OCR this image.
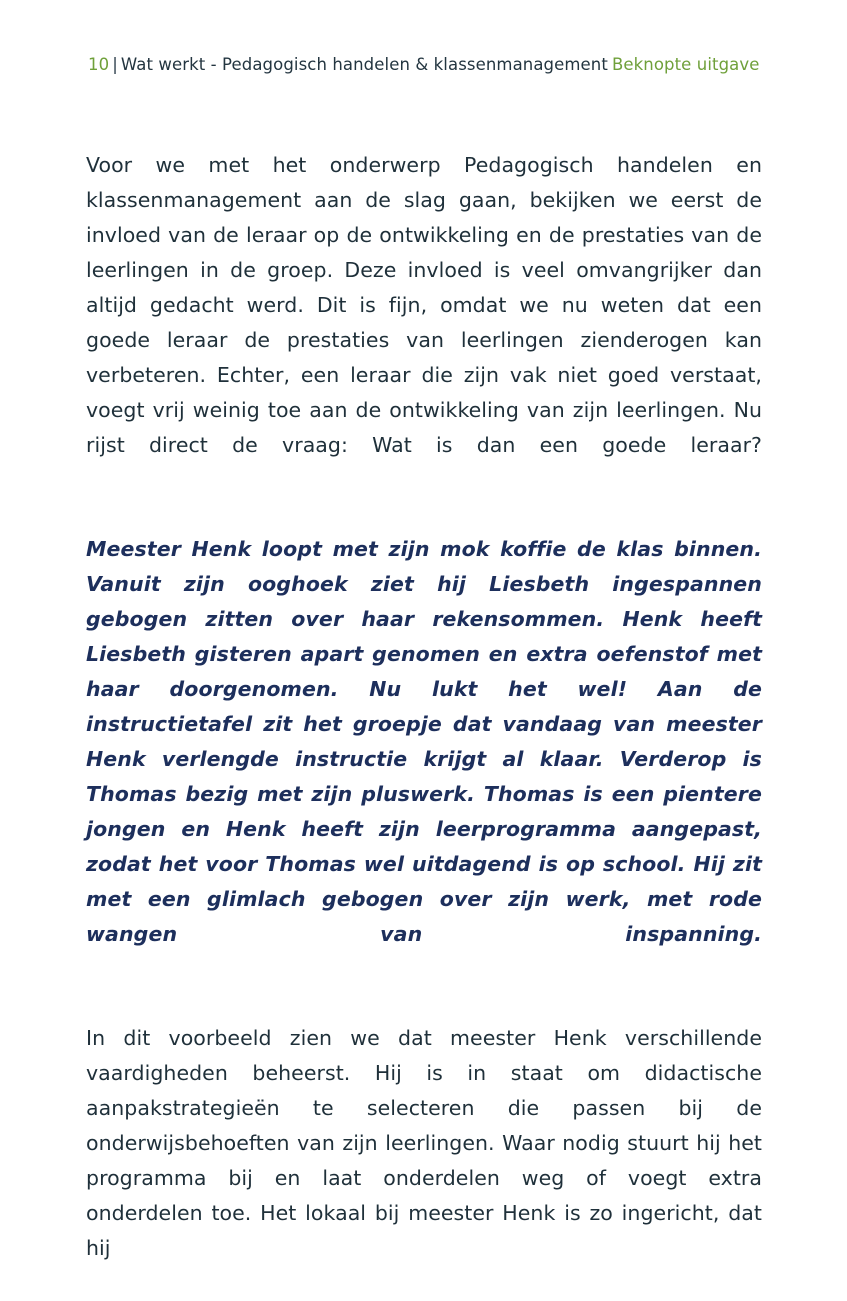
10 | Wat werkt - Pedagogisch handelen & klassenmanagement Beknopte uitgave

Voor we met het onderwerp Pedagogisch handelen en klassenmanagement aan de slag gaan, bekijken we eerst de invloed van de leraar op de ontwikkeling en de prestaties van de leerlingen in de groep. Deze invloed is veel omvangrijker dan altijd gedacht werd. Dit is fijn, omdat we nu weten dat een goede leraar de prestaties van leerlingen zienderogen kan verbeteren. Echter, een leraar die zijn vak niet goed verstaat, voegt vrij weinig toe aan de ontwikkeling van zijn leerlingen. Nu rijst direct de vraag: Wat is dan een goede leraar?

Meester Henk loopt met zijn mok koffie de klas binnen. Vanuit zijn ooghoek ziet hij Liesbeth ingespannen gebogen zitten over haar rekensommen. Henk heeft Liesbeth gisteren apart genomen en extra oefenstof met haar doorgenomen. Nu lukt het wel! Aan de instructietafel zit het groepje dat vandaag van meester Henk verlengde instructie krijgt al klaar. Verderop is Thomas bezig met zijn pluswerk. Thomas is een pientere jongen en Henk heeft zijn leerprogramma aangepast, zodat het voor Thomas wel uitdagend is op school. Hij zit met een glimlach gebogen over zijn werk, met rode wangen van inspanning.

In dit voorbeeld zien we dat meester Henk verschillende vaardigheden beheerst. Hij is in staat om didactische aanpakstrategieën te selecteren die passen bij de onderwijsbehoeften van zijn leerlingen. Waar nodig stuurt hij het programma bij en laat onderdelen weg of voegt extra onderdelen toe. Het lokaal bij meester Henk is zo ingericht, dat hij
